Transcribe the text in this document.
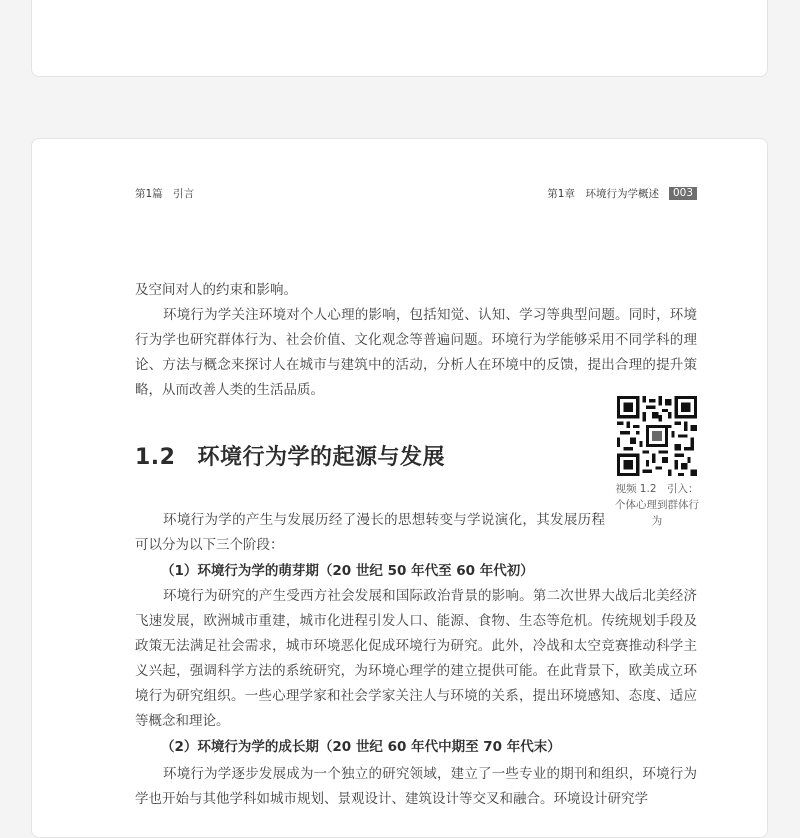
第1篇　引言	第1章　环境行为学概述	003
及空间对人的约束和影响。

环境行为学关注环境对个人心理的影响，包括知觉、认知、学习等典型问题。同时，环境行为学也研究群体行为、社会价值、文化观念等普遍问题。环境行为学能够采用不同学科的理论、方法与概念来探讨人在城市与建筑中的活动，分析人在环境中的反馈，提出合理的提升策略，从而改善人类的生活品质。

1.2 环境行为学的起源与发展
视频 1.2　引入：个体心理到群体行为

环境行为学的产生与发展历经了漫长的思想转变与学说演化，其发展历程可以分为以下三个阶段：

（1）环境行为学的萌芽期（20 世纪 50 年代至 60 年代初）

环境行为研究的产生受西方社会发展和国际政治背景的影响。第二次世界大战后北美经济飞速发展，欧洲城市重建，城市化进程引发人口、能源、食物、生态等危机。传统规划手段及政策无法满足社会需求，城市环境恶化促成环境行为研究。此外，冷战和太空竞赛推动科学主义兴起，强调科学方法的系统研究，为环境心理学的建立提供可能。在此背景下，欧美成立环境行为研究组织。一些心理学家和社会学家关注人与环境的关系，提出环境感知、态度、适应等概念和理论。

（2）环境行为学的成长期（20 世纪 60 年代中期至 70 年代末）

环境行为学逐步发展成为一个独立的研究领域，建立了一些专业的期刊和组织，环境行为学也开始与其他学科如城市规划、景观设计、建筑设计等交叉和融合。环境设计研究学
